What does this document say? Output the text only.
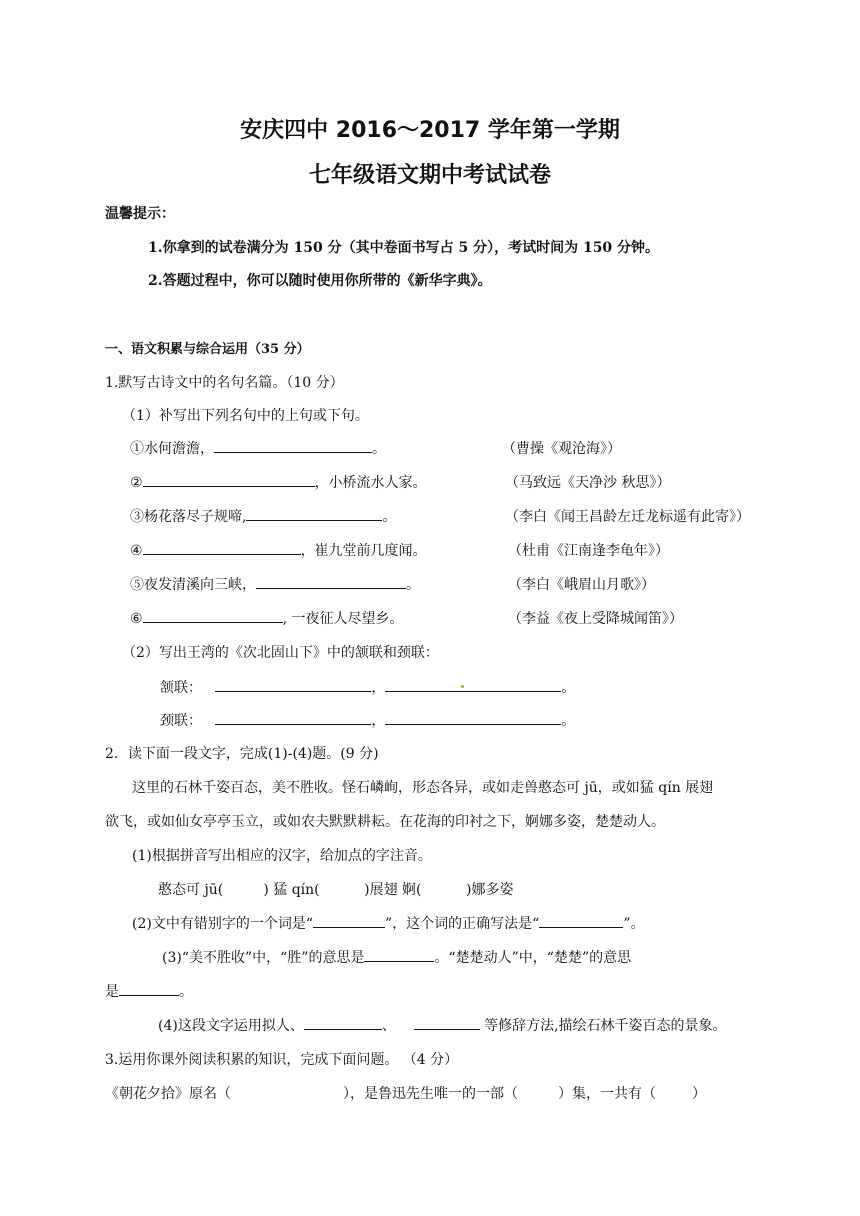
安庆四中 2016～2017 学年第一学期
七年级语文期中考试试卷
温馨提示：
1.你拿到的试卷满分为 150 分（其中卷面书写占 5 分），考试时间为 150 分钟。
2.答题过程中，你可以随时使用你所带的《新华字典》。
一、语文积累与综合运用（35 分）
1.默写古诗文中的名句名篇。（10 分）
（1）补写出下列名句中的上句或下句。
①水何澹澹，	。	（曹操《观沧海》）
②	，小桥流水人家。	（马致远《天净沙 秋思》）
③杨花落尽子规啼,	。	（李白《闻王昌龄左迁龙标遥有此寄》）
④	，崔九堂前几度闻。	（杜甫《江南逢李龟年》）
⑤夜发清溪向三峡，	。	（李白《峨眉山月歌》）
⑥	, 一夜征人尽望乡。	（李益《夜上受降城闻笛》）
（2）写出王湾的《次北固山下》中的颔联和颈联：
颔联：	，	。
颈联：	，	。
2．读下面一段文字，完成(1)-(4)题。(9 分)
这里的石林千姿百态，美不胜收。怪石嶙峋，形态各异，或如走兽憨态可 jū，或如猛 qín 展翅
欲飞，或如仙女亭亭玉立，或如农夫默默耕耘。在花海的印衬之下，婀娜多姿，楚楚动人。
(1)根据拼音写出相应的汉字，给加点的字注音。
憨态可 jū(	) 猛 qín(	)展翅 婀(	)娜多姿
(2)文中有错别字的一个词是“	”，这个词的正确写法是“	”。
(3)“美不胜收”中，“胜”的意思是	。“楚楚动人”中，“楚楚”的意思
是	。
(4)这段文字运用拟人、	、	等修辞方法,描绘石林千姿百态的景象。
3.运用你课外阅读积累的知识，完成下面问题。 （4 分）
《朝花夕拾》原名（	），是鲁迅先生唯一的一部（	）集，一共有（	）
